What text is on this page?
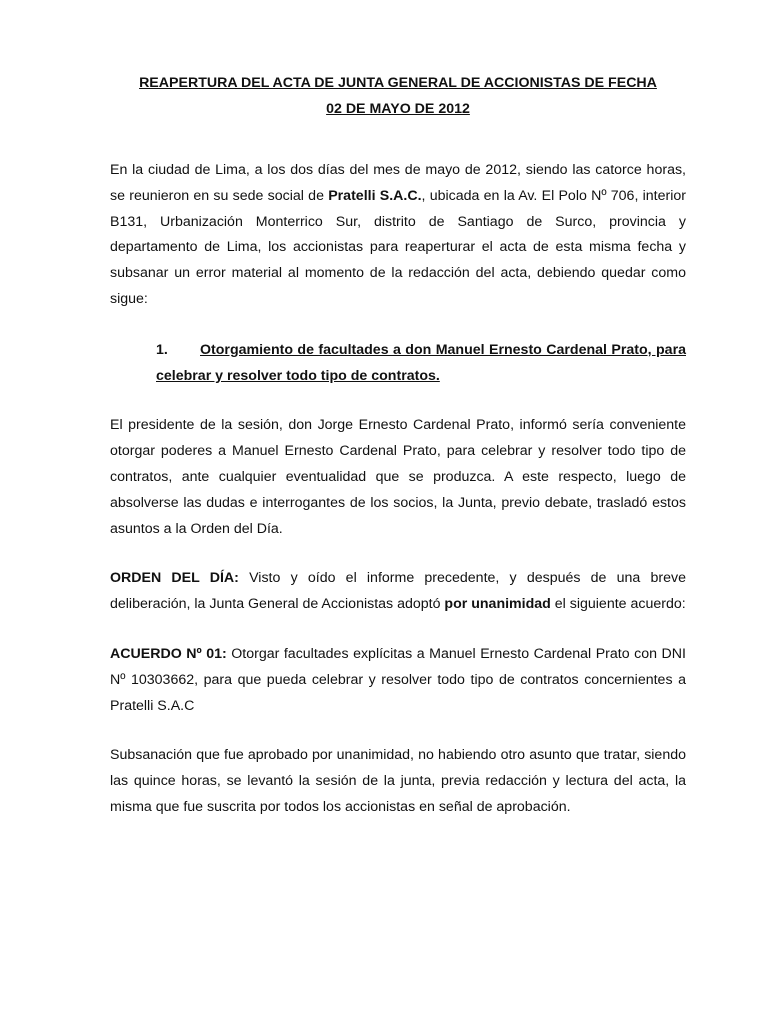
REAPERTURA DEL ACTA DE JUNTA GENERAL DE ACCIONISTAS DE FECHA
02 DE MAYO DE 2012

En la ciudad de Lima, a los dos días del mes de mayo de 2012, siendo las catorce horas, se reunieron en su sede social de Pratelli S.A.C., ubicada en la Av. El Polo Nº 706, interior B131, Urbanización Monterrico Sur, distrito de Santiago de Surco, provincia y departamento de Lima, los accionistas para reaperturar el acta de esta misma fecha y subsanar un error material al momento de la redacción del acta, debiendo quedar como sigue:

1.	Otorgamiento de facultades a don Manuel Ernesto Cardenal Prato, para celebrar y resolver todo tipo de contratos.

El presidente de la sesión, don Jorge Ernesto Cardenal Prato, informó sería conveniente otorgar poderes a Manuel Ernesto Cardenal Prato, para celebrar y resolver todo tipo de contratos, ante cualquier eventualidad que se produzca. A este respecto, luego de absolverse las dudas e interrogantes de los socios, la Junta, previo debate, trasladó estos asuntos a la Orden del Día.

ORDEN DEL DÍA: Visto y oído el informe precedente, y después de una breve deliberación, la Junta General de Accionistas adoptó por unanimidad el siguiente acuerdo:

ACUERDO Nº 01: Otorgar facultades explícitas a Manuel Ernesto Cardenal Prato con DNI Nº 10303662, para que pueda celebrar y resolver todo tipo de contratos concernientes a Pratelli S.A.C

Subsanación que fue aprobado por unanimidad, no habiendo otro asunto que tratar, siendo las quince horas, se levantó la sesión de la junta, previa redacción y lectura del acta, la misma que fue suscrita por todos los accionistas en señal de aprobación.
